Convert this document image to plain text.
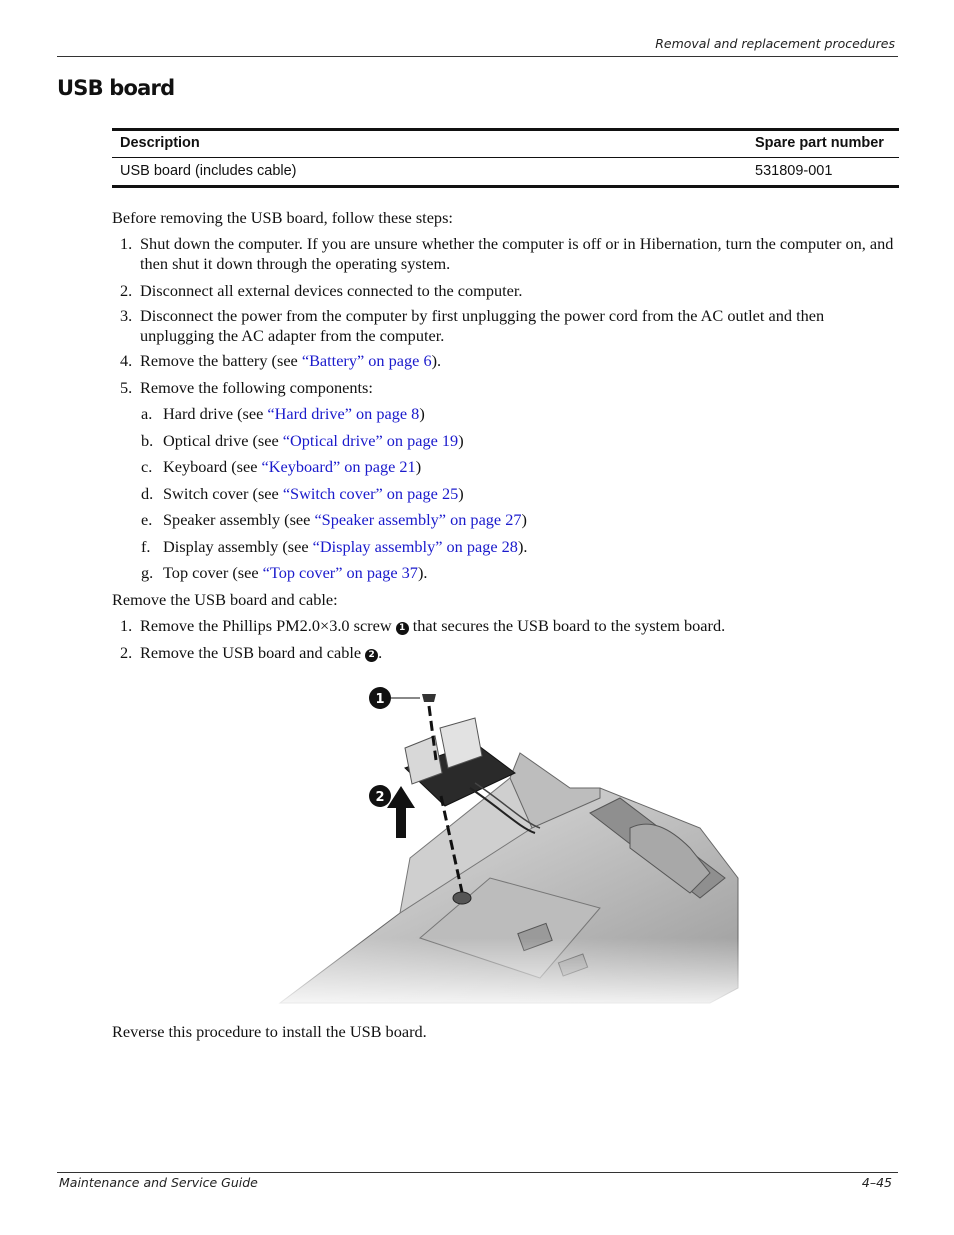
Removal and replacement procedures
USB board
Description	Spare part number
USB board (includes cable)	531809-001
Before removing the USB board, follow these steps:
1. Shut down the computer. If you are unsure whether the computer is off or in Hibernation, turn the computer on, and then shut it down through the operating system.
2. Disconnect all external devices connected to the computer.
3. Disconnect the power from the computer by first unplugging the power cord from the AC outlet and then unplugging the AC adapter from the computer.
4. Remove the battery (see “Battery” on page 6).
5. Remove the following components:
a. Hard drive (see “Hard drive” on page 8)
b. Optical drive (see “Optical drive” on page 19)
c. Keyboard (see “Keyboard” on page 21)
d. Switch cover (see “Switch cover” on page 25)
e. Speaker assembly (see “Speaker assembly” on page 27)
f. Display assembly (see “Display assembly” on page 28).
g. Top cover (see “Top cover” on page 37).
Remove the USB board and cable:
1. Remove the Phillips PM2.0×3.0 screw 1 that secures the USB board to the system board.
2. Remove the USB board and cable 2 .
1
2
Reverse this procedure to install the USB board.
Maintenance and Service Guide	4–45
